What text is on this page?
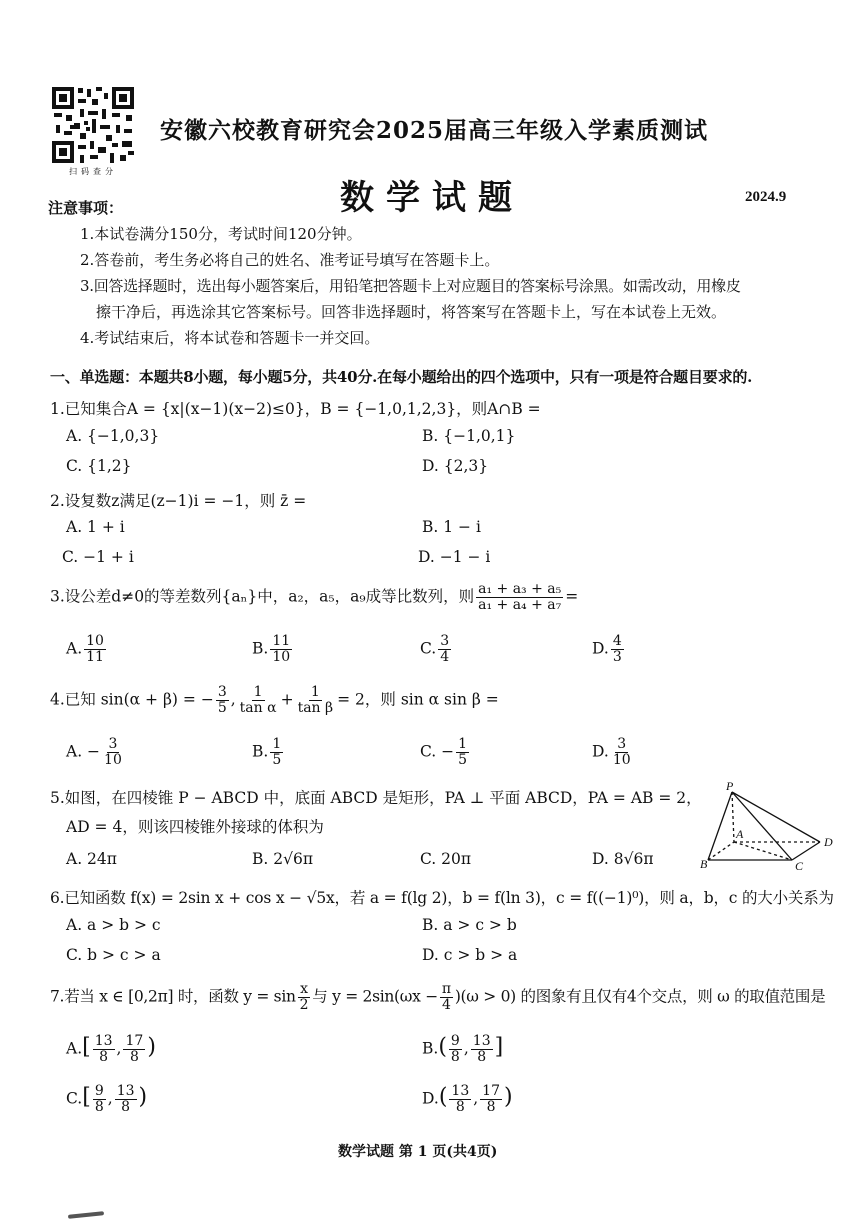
扫码查分
安徽六校教育研究会2025届高三年级入学素质测试
数学试题	2024.9
注意事项：
1.本试卷满分150分，考试时间120分钟。
2.答卷前，考生务必将自己的姓名、准考证号填写在答题卡上。
3.回答选择题时，选出每小题答案后，用铅笔把答题卡上对应题目的答案标号涂黑。如需改动，用橡皮
擦干净后，再选涂其它答案标号。回答非选择题时，将答案写在答题卡上，写在本试卷上无效。
4.考试结束后，将本试卷和答题卡一并交回。
一、单选题：本题共8小题，每小题5分，共40分.在每小题给出的四个选项中，只有一项是符合题目要求的.
1.已知集合A = {x|(x−1)(x−2)≤0}，B = {−1,0,1,2,3}，则A∩B =
A. {−1,0,3}	B. {−1,0,1}
C. {1,2}	D. {2,3}
2.设复数z满足(z−1)i = −1，则 z̄ =
A. 1 + i	B. 1 − i
C. −1 + i	D. −1 − i
3.设公差d≠0的等差数列{aₙ}中，a₂，a₅，a₉成等比数列，则 $\frac{\text{a₁ + a₃ + a₅}}{\text{a₁ + a₄ + a₇}}$ =
A. $\frac{10}{11}$	B. $\frac{11}{10}$	C. $\frac{3}{4}$	D. $\frac{4}{3}$
4.已知 sin(α + β) = − $\frac{3}{5}$ , $\frac{1}{\text{tan α}} + \frac{1}{\text{tan β}} = 2$，则 sin α sin β =
A. − $\frac{3}{10}$	B. $\frac{1}{5}$	C. − $\frac{1}{5}$	D. $\frac{3}{10}$
5.如图，在四棱锥 P − ABCD 中，底面 ABCD 是矩形，PA ⊥ 平面 ABCD，PA = AB = 2，
AD = 4，则该四棱锥外接球的体积为
A. 24π	B. 2√6π	C. 20π	D. 8√6π
P
A
B	C
D
6.已知函数 f(x) = 2sin x + cos x − √5x，若 a = f(lg 2)，b = f(ln 3)，c = f((−1)⁰)，则 a，b，c 的大小关系为
A. a > b > c	B. a > c > b
C. b > c > a	D. c > b > a
7.若当 x ∈ [0,2π] 时，函数 $y = \sin \frac{x}{2}$ 与 $y = 2\sin(\omega x - \frac{\pi}{4} )(\omega > 0)$ 的图象有且仅有4个交点，则 ω 的取值范围是
$A.[ \frac{13}{8}$ , $\frac{17}{8}$ )	$B.( \frac{9}{8}$ , $\frac{13}{8}$ ]
$C.[ \frac{9}{8}$ , $\frac{13}{8}$ )	$D.( \frac{13}{8}$ , $\frac{17}{8}$ )
数学试题 第 1 页(共4页)
